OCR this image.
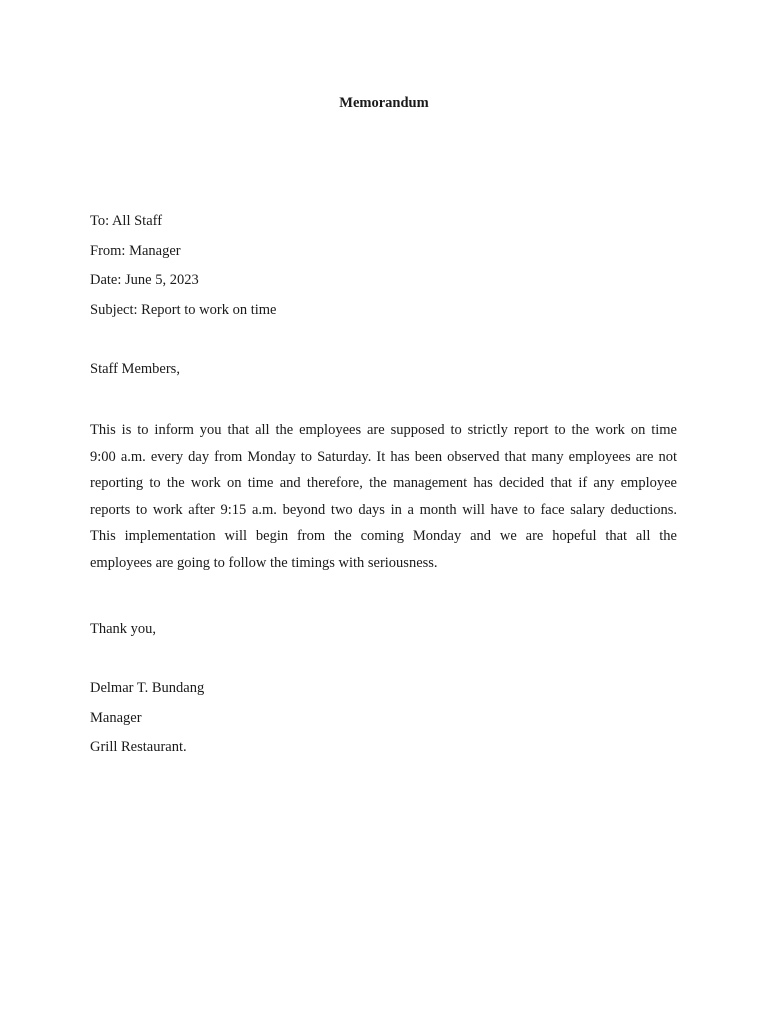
Memorandum
To: All Staff
From: Manager
Date: June 5, 2023
Subject: Report to work on time
Staff Members,
This is to inform you that all the employees are supposed to strictly report to the work on time
9:00 a.m. every day from Monday to Saturday. It has been observed that many employees are not
reporting to the work on time and therefore, the management has decided that if any employee
reports to work after 9:15 a.m. beyond two days in a month will have to face salary deductions.
This implementation will begin from the coming Monday and we are hopeful that all the
employees are going to follow the timings with seriousness.
Thank you,
Delmar T. Bundang
Manager
Grill Restaurant.
